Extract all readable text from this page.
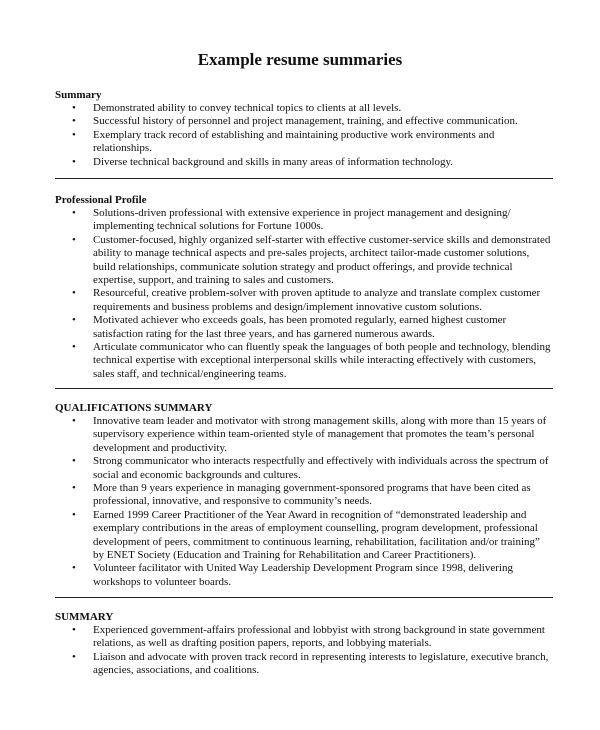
Example resume summaries

Summary

• Demonstrated ability to convey technical topics to clients at all levels.
• Successful history of personnel and project management, training, and effective communication.
• Exemplary track record of establishing and maintaining productive work environments and relationships.
• Diverse technical background and skills in many areas of information technology.

Professional Profile

• Solutions-driven professional with extensive experience in project management and designing/ implementing technical solutions for Fortune 1000s.
• Customer-focused, highly organized self-starter with effective customer-service skills and demonstrated ability to manage technical aspects and pre-sales projects, architect tailor-made customer solutions, build relationships, communicate solution strategy and product offerings, and provide technical expertise, support, and training to sales and customers.
• Resourceful, creative problem-solver with proven aptitude to analyze and translate complex customer requirements and business problems and design/implement innovative custom solutions.
• Motivated achiever who exceeds goals, has been promoted regularly, earned highest customer satisfaction rating for the last three years, and has garnered numerous awards.
• Articulate communicator who can fluently speak the languages of both people and technology, blending technical expertise with exceptional interpersonal skills while interacting effectively with customers, sales staff, and technical/engineering teams.

QUALIFICATIONS SUMMARY

• Innovative team leader and motivator with strong management skills, along with more than 15 years of supervisory experience within team-oriented style of management that promotes the team’s personal development and productivity.
• Strong communicator who interacts respectfully and effectively with individuals across the spectrum of social and economic backgrounds and cultures.
• More than 9 years experience in managing government-sponsored programs that have been cited as professional, innovative, and responsive to community’s needs.
• Earned 1999 Career Practitioner of the Year Award in recognition of “demonstrated leadership and exemplary contributions in the areas of employment counselling, program development, professional development of peers, commitment to continuous learning, rehabilitation, facilitation and/or training” by ENET Society (Education and Training for Rehabilitation and Career Practitioners).
• Volunteer facilitator with United Way Leadership Development Program since 1998, delivering workshops to volunteer boards.

SUMMARY

• Experienced government-affairs professional and lobbyist with strong background in state government relations, as well as drafting position papers, reports, and lobbying materials.
• Liaison and advocate with proven track record in representing interests to legislature, executive branch, agencies, associations, and coalitions.
